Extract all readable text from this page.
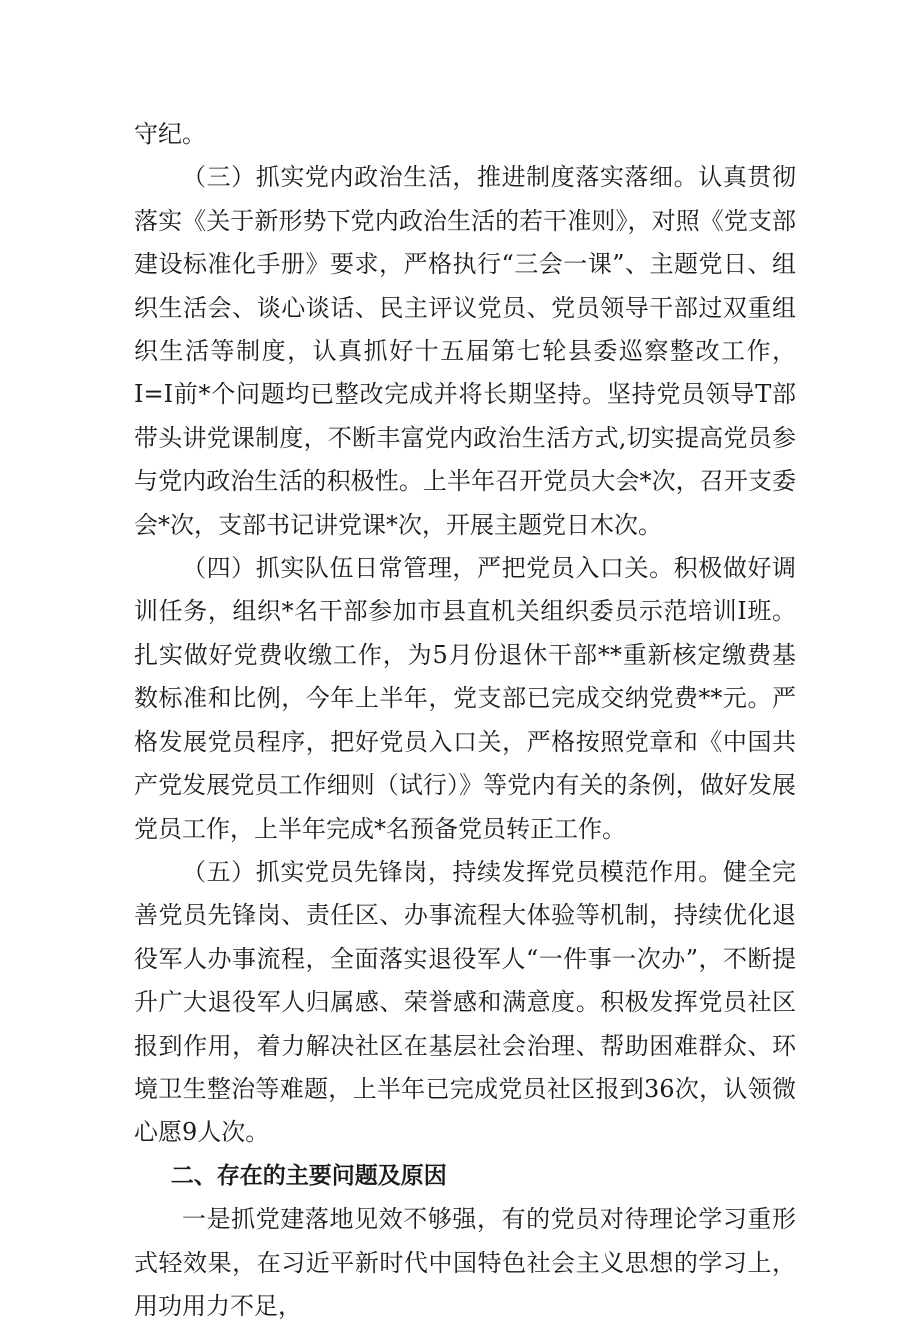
守纪。

（三）抓实党内政治生活，推进制度落实落细。认真贯彻落实《关于新形势下党内政治生活的若干准则》，对照《党支部建设标准化手册》要求，严格执行“三会一课”、主题党日、组织生活会、谈心谈话、民主评议党员、党员领导干部过双重组织生活等制度，认真抓好十五届第七轮县委巡察整改工作，I=I前*个问题均已整改完成并将长期坚持。坚持党员领导T部带头讲党课制度，不断丰富党内政治生活方式,切实提高党员参与党内政治生活的积极性。上半年召开党员大会*次，召开支委会*次，支部书记讲党课*次，开展主题党日木次。

（四）抓实队伍日常管理，严把党员入口关。积极做好调训任务，组织*名干部参加市县直机关组织委员示范培训I班。扎实做好党费收缴工作，为5月份退休干部**重新核定缴费基数标准和比例，今年上半年，党支部已完成交纳党费**元。严格发展党员程序，把好党员入口关，严格按照党章和《中国共产党发展党员工作细则（试行）》等党内有关的条例，做好发展党员工作，上半年完成*名预备党员转正工作。

（五）抓实党员先锋岗，持续发挥党员模范作用。健全完善党员先锋岗、责任区、办事流程大体验等机制，持续优化退役军人办事流程，全面落实退役军人“一件事一次办”，不断提升广大退役军人归属感、荣誉感和满意度。积极发挥党员社区报到作用，着力解决社区在基层社会治理、帮助困难群众、环境卫生整治等难题，上半年已完成党员社区报到36次，认领微心愿9人次。

二、存在的主要问题及原因

一是抓党建落地见效不够强，有的党员对待理论学习重形式轻效果，在习近平新时代中国特色社会主义思想的学习上，用功用力不足，
